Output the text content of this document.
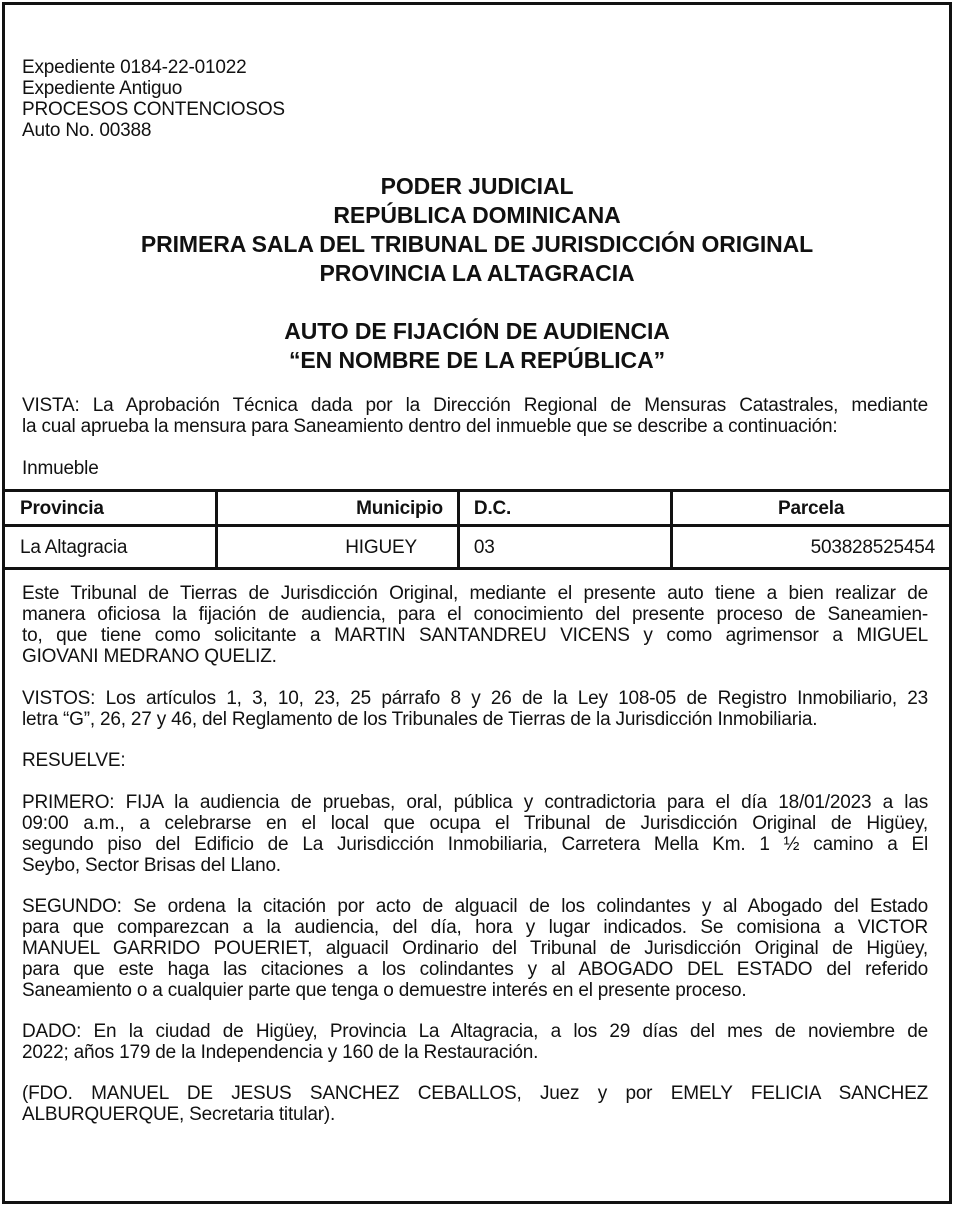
Expediente 0184-22-01022
Expediente Antiguo
PROCESOS CONTENCIOSOS
Auto No. 00388
PODER JUDICIAL
REPÚBLICA DOMINICANA
PRIMERA SALA DEL TRIBUNAL DE JURISDICCIÓN ORIGINAL
PROVINCIA LA ALTAGRACIA
AUTO DE FIJACIÓN DE AUDIENCIA
“EN NOMBRE DE LA REPÚBLICA”
VISTA: La Aprobación Técnica dada por la Dirección Regional de Mensuras Catastrales, mediante
la cual aprueba la mensura para Saneamiento dentro del inmueble que se describe a continuación:
Inmueble
Provincia	Municipio	D.C.	Parcela
La Altagracia	HIGUEY	03	503828525454
Este Tribunal de Tierras de Jurisdicción Original, mediante el presente auto tiene a bien realizar de
manera oficiosa la fijación de audiencia, para el conocimiento del presente proceso de Saneamien-
to, que tiene como solicitante a MARTIN SANTANDREU VICENS y como agrimensor a MIGUEL
GIOVANI MEDRANO QUELIZ.
VISTOS: Los artículos 1, 3, 10, 23, 25 párrafo 8 y 26 de la Ley 108-05 de Registro Inmobiliario, 23
letra “G”, 26, 27 y 46, del Reglamento de los Tribunales de Tierras de la Jurisdicción Inmobiliaria.
RESUELVE:
PRIMERO: FIJA la audiencia de pruebas, oral, pública y contradictoria para el día 18/01/2023 a las
09:00 a.m., a celebrarse en el local que ocupa el Tribunal de Jurisdicción Original de Higüey,
segundo piso del Edificio de La Jurisdicción Inmobiliaria, Carretera Mella Km. 1 ½ camino a El
Seybo, Sector Brisas del Llano.
SEGUNDO: Se ordena la citación por acto de alguacil de los colindantes y al Abogado del Estado
para que comparezcan a la audiencia, del día, hora y lugar indicados. Se comisiona a VICTOR
MANUEL GARRIDO POUERIET, alguacil Ordinario del Tribunal de Jurisdicción Original de Higüey,
para que este haga las citaciones a los colindantes y al ABOGADO DEL ESTADO del referido
Saneamiento o a cualquier parte que tenga o demuestre interés en el presente proceso.
DADO: En la ciudad de Higüey, Provincia La Altagracia, a los 29 días del mes de noviembre de
2022; años 179 de la Independencia y 160 de la Restauración.
(FDO. MANUEL DE JESUS SANCHEZ CEBALLOS, Juez y por EMELY FELICIA SANCHEZ
ALBURQUERQUE, Secretaria titular).
